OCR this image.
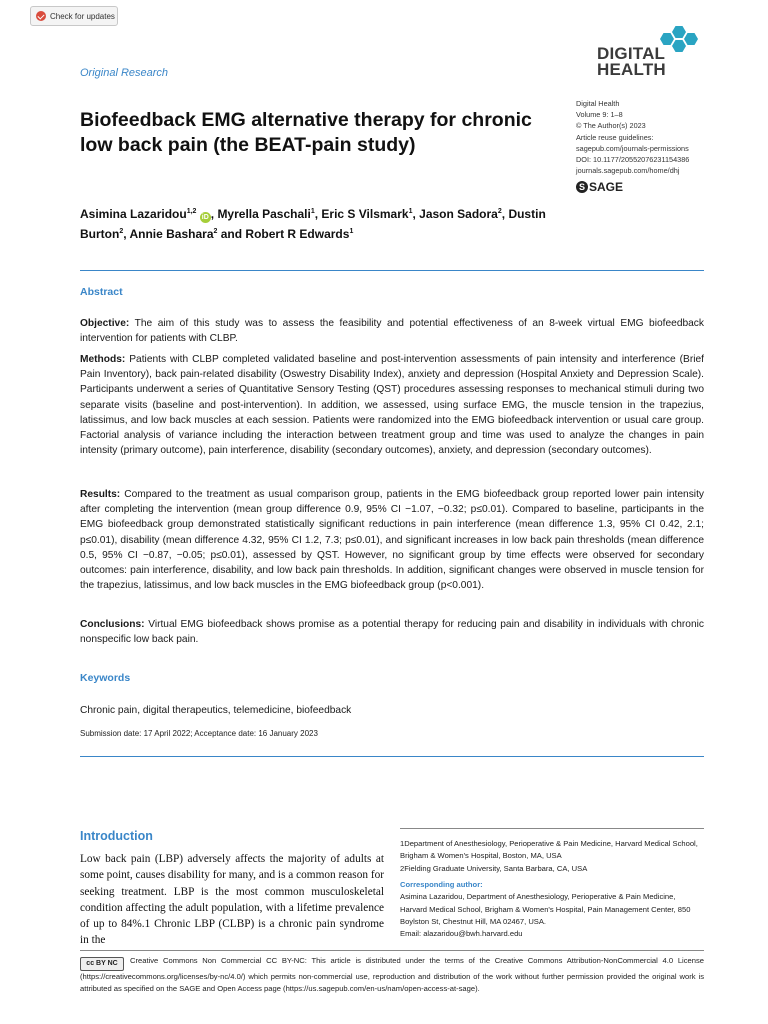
Check for updates
DIGITAL
HEALTH
Original Research
Digital Health
Volume 9: 1–8
© The Author(s) 2023
Article reuse guidelines:
sagepub.com/journals-permissions
DOI: 10.1177/20552076231154386
journals.sagepub.com/home/dhj
S SAGE
Biofeedback EMG alternative therapy for chronic low back pain (the BEAT-pain study)
Asimina Lazaridou$^{1,2}$ iD , Myrella Paschali$^1$, Eric S Vilsmark$^1$, Jason Sadora$^2$, Dustin Burton$^2$, Annie Bashara$^2$ and Robert R Edwards$^1$
Abstract
Objective: The aim of this study was to assess the feasibility and potential effectiveness of an 8-week virtual EMG biofeedback intervention for patients with CLBP.
Methods: Patients with CLBP completed validated baseline and post-intervention assessments of pain intensity and interference (Brief Pain Inventory), back pain-related disability (Oswestry Disability Index), anxiety and depression (Hospital Anxiety and Depression Scale). Participants underwent a series of Quantitative Sensory Testing (QST) procedures assessing responses to mechanical stimuli during two separate visits (baseline and post-intervention). In addition, we assessed, using surface EMG, the muscle tension in the trapezius, latissimus, and low back muscles at each session. Patients were randomized into the EMG biofeedback intervention or usual care group. Factorial analysis of variance including the interaction between treatment group and time was used to analyze the changes in pain intensity (primary outcome), pain interference, disability (secondary outcomes), anxiety, and depression (secondary outcomes).
Results: Compared to the treatment as usual comparison group, patients in the EMG biofeedback group reported lower pain intensity after completing the intervention (mean group difference 0.9, 95% CI −1.07, −0.32; p≤0.01). Compared to baseline, participants in the EMG biofeedback group demonstrated statistically significant reductions in pain interference (mean difference 1.3, 95% CI 0.42, 2.1; p≤0.01), disability (mean difference 4.32, 95% CI 1.2, 7.3; p≤0.01), and significant increases in low back pain thresholds (mean difference 0.5, 95% CI −0.87, −0.05; p≤0.01), assessed by QST. However, no significant group by time effects were observed for secondary outcomes: pain interference, disability, and low back pain thresholds. In addition, significant changes were observed in muscle tension for the trapezius, latissimus, and low back muscles in the EMG biofeedback group (p<0.001).
Conclusions: Virtual EMG biofeedback shows promise as a potential therapy for reducing pain and disability in individuals with chronic nonspecific low back pain.
Keywords
Chronic pain, digital therapeutics, telemedicine, biofeedback
Submission date: 17 April 2022; Acceptance date: 16 January 2023
Introduction
Low back pain (LBP) adversely affects the majority of adults at some point, causes disability for many, and is a common reason for seeking treatment. LBP is the most common musculoskeletal condition affecting the adult population, with a lifetime prevalence of up to 84%.1 Chronic LBP (CLBP) is a chronic pain syndrome in the
1Department of Anesthesiology, Perioperative & Pain Medicine, Harvard Medical School, Brigham & Women's Hospital, Boston, MA, USA
2Fielding Graduate University, Santa Barbara, CA, USA
Corresponding author:
Asimina Lazaridou, Department of Anesthesiology, Perioperative & Pain Medicine, Harvard Medical School, Brigham & Women's Hospital, Pain Management Center, 850 Boylston St, Chestnut Hill, MA 02467, USA.
Email: alazaridou@bwh.harvard.edu
cc BY NC Creative Commons Non Commercial CC BY-NC: This article is distributed under the terms of the Creative Commons Attribution-NonCommercial 4.0 License (https://creativecommons.org/licenses/by-nc/4.0/) which permits non-commercial use, reproduction and distribution of the work without further permission provided the original work is attributed as specified on the SAGE and Open Access page (https://us.sagepub.com/en-us/nam/open-access-at-sage).
